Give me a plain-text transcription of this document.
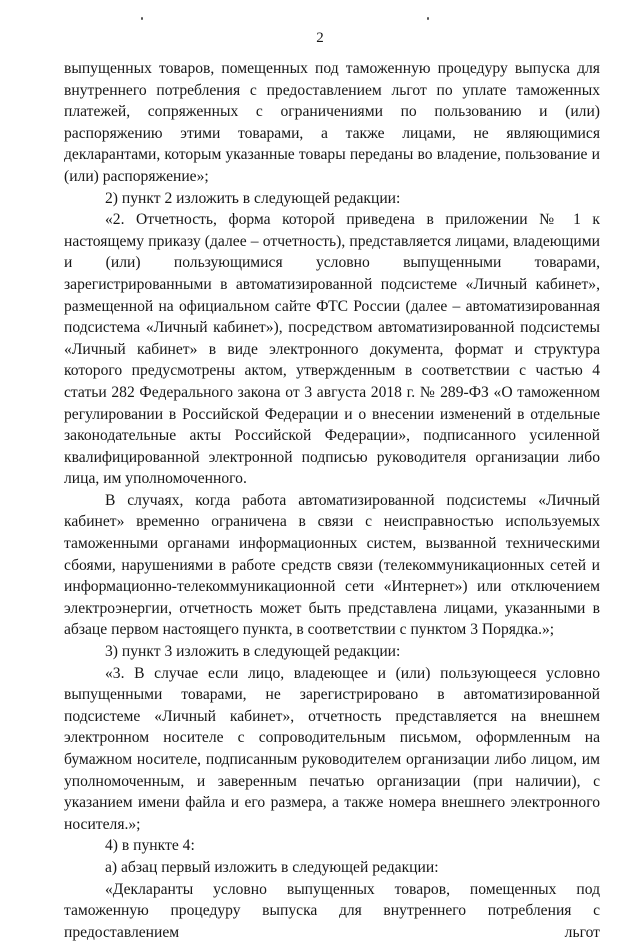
2

выпущенных товаров, помещенных под таможенную процедуру выпуска для внутреннего потребления с предоставлением льгот по уплате таможенных платежей, сопряженных с ограничениями по пользованию и (или) распоряжению этими товарами, а также лицами, не являющимися декларантами, которым указанные товары переданы во владение, пользование и (или) распоряжение»;

2) пункт 2 изложить в следующей редакции:

«2. Отчетность, форма которой приведена в приложении № 1 к настоящему приказу (далее – отчетность), представляется лицами, владеющими и (или) пользующимися условно выпущенными товарами, зарегистрированными в автоматизированной подсистеме «Личный кабинет», размещенной на официальном сайте ФТС России (далее – автоматизированная подсистема «Личный кабинет»), посредством автоматизированной подсистемы «Личный кабинет» в виде электронного документа, формат и структура которого предусмотрены актом, утвержденным в соответствии с частью 4 статьи 282 Федерального закона от 3 августа 2018 г. № 289-ФЗ «О таможенном регулировании в Российской Федерации и о внесении изменений в отдельные законодательные акты Российской Федерации», подписанного усиленной квалифицированной электронной подписью руководителя организации либо лица, им уполномоченного.

В случаях, когда работа автоматизированной подсистемы «Личный кабинет» временно ограничена в связи с неисправностью используемых таможенными органами информационных систем, вызванной техническими сбоями, нарушениями в работе средств связи (телекоммуникационных сетей и информационно-телекоммуникационной сети «Интернет») или отключением электроэнергии, отчетность может быть представлена лицами, указанными в абзаце первом настоящего пункта, в соответствии с пунктом 3 Порядка.»;

3) пункт 3 изложить в следующей редакции:

«3. В случае если лицо, владеющее и (или) пользующееся условно выпущенными товарами, не зарегистрировано в автоматизированной подсистеме «Личный кабинет», отчетность представляется на внешнем электронном носителе с сопроводительным письмом, оформленным на бумажном носителе, подписанным руководителем организации либо лицом, им уполномоченным, и заверенным печатью организации (при наличии), с указанием имени файла и его размера, а также номера внешнего электронного носителя.»;

4) в пункте 4:

а) абзац первый изложить в следующей редакции:

«Декларанты условно выпущенных товаров, помещенных под таможенную процедуру выпуска для внутреннего потребления с предоставлением льгот
